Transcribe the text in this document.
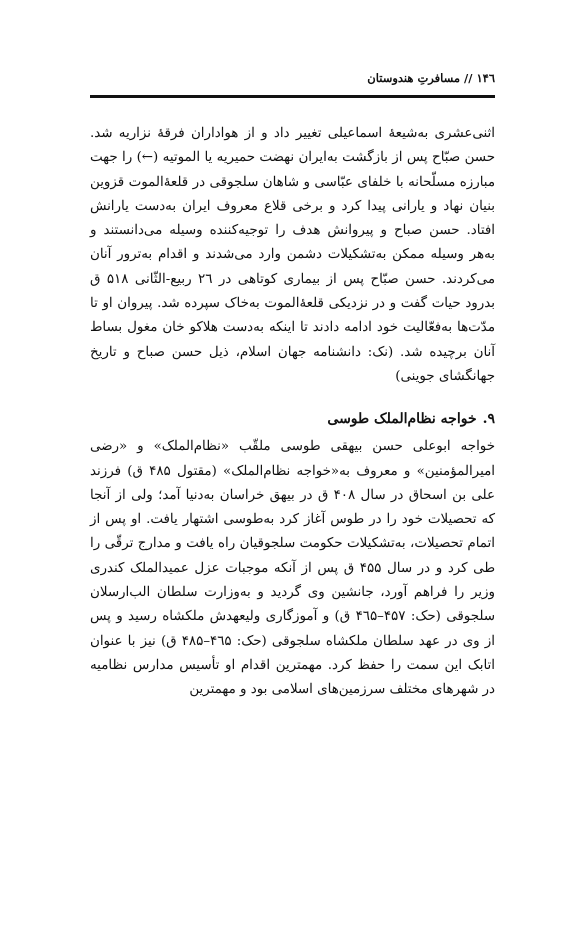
۱۴٦ // مسافرتِ هندوستان

اثنی‌عشری به‌شیعهٔ اسماعیلی تغییر داد و از هواداران فرقهٔ نزاریه شد. حسن صبّاح پس از بازگشت به‌ایران نهضت حمیریه یا الموتیه (←) را جهت مبارزه مسلّحانه با خلفای عبّاسی و شاهان سلجوقی در قلعهٔ‌الموت قزوین بنیان نهاد و یارانی پیدا کرد و برخی قلاع معروف ایران به‌دست یارانش افتاد. حسن صباح و پیروانش هدف را توجیه‌کننده وسیله می‌دانستند و به‌هر وسیله ممکن به‌تشکیلات دشمن وارد می‌شدند و اقدام به‌ترور آنان می‌کردند. حسن صبّاح پس از بیماری کوتاهی در ٢٦ ربیع‌-الثّانی ۵۱۸ ق بدرود حیات گفت و در نزدیکی قلعهٔ‌الموت به‌خاک سپرده شد. پیروان او تا مدّت‌ها به‌فعّالیت خود ادامه دادند تا اینکه به‌دست هلاکو خان مغول بساط آنان برچیده شد. (نک: دانشنامه جهان اسلام، ذیل حسن صباح و تاریخ جهانگشای جوینی)

۹.خواجه نظام‌الملک طوسی

خواجه ابوعلی حسن بیهقی طوسی ملقّب «نظام‌الملک» و «رضی امیرالمؤمنین» و معروف به«خواجه نظام‌الملک» (مقتول ۴۸۵ ق) فرزند علی بن اسحاق در سال ۴۰۸ ق در بیهق خراسان به‌دنیا آمد؛ ولی از آنجا که تحصیلات خود را در طوس آغاز کرد به‌طوسی اشتهار یافت. او پس از اتمام تحصیلات، به‌تشکیلات حکومت سلجوقیان راه یافت و مدارج ترقّی را طی کرد و در سال ۴۵۵ ق پس از آنکه موجبات عزل عمیدالملک کندری وزیر را فراهم آورد، جانشین وی گردید و به‌وزارت سلطان الب‌ارسلان سلجوقی (حک: ۴۵۷–۴٦۵ ق) و آموزگاری ولیعهدش ملکشاه رسید و پس از وی در عهد سلطان ملکشاه سلجوقی (حک: ۴٦۵–۴۸۵ ق) نیز با عنوان اتابک این سمت را حفظ کرد. مهمترین اقدام او تأسیس مدارس نظامیه در شهرهای مختلف سرزمین‌های اسلامی بود و مهمترین
